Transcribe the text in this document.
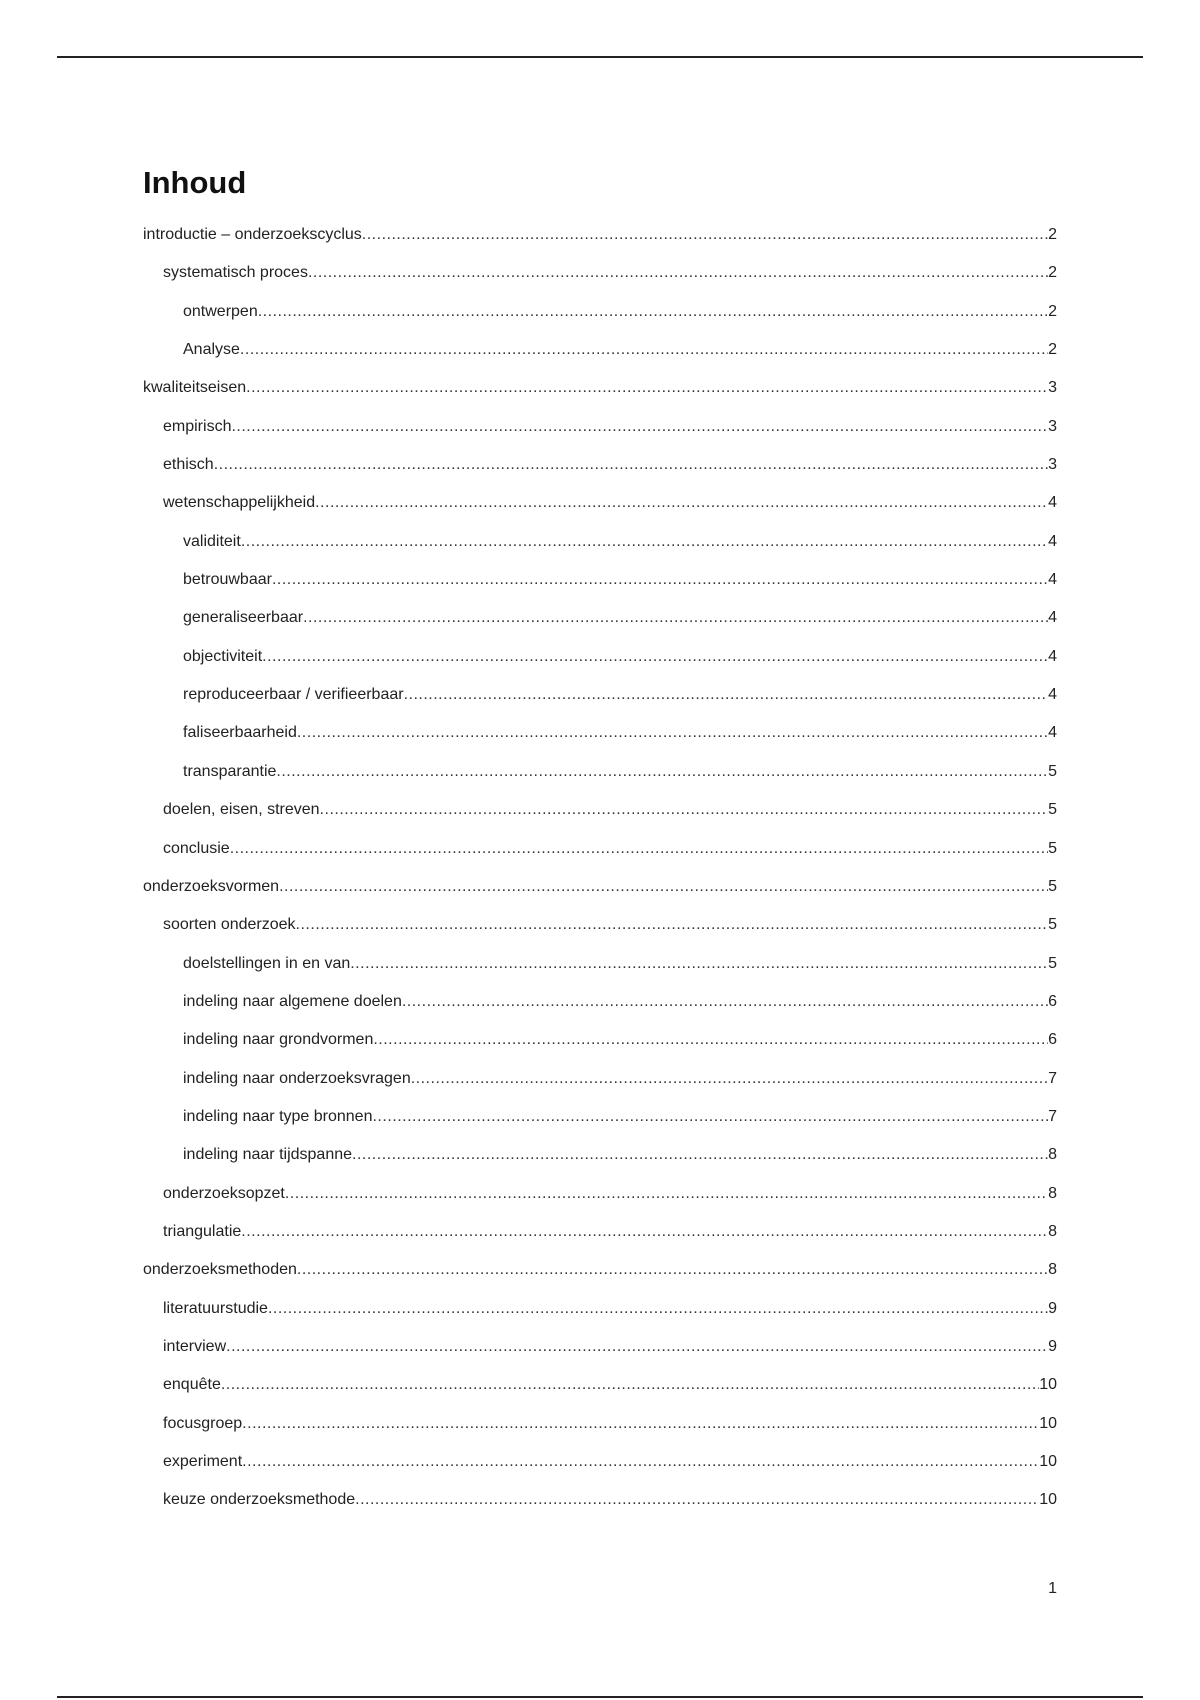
Inhoud
introductie – onderzoekscyclus .....	2
systematisch proces .....	2
ontwerpen .....	2
Analyse .....	2
kwaliteitseisen .....	3
empirisch .....	3
ethisch .....	3
wetenschappelijkheid .....	4
validiteit .....	4
betrouwbaar .....	4
generaliseerbaar .....	4
objectiviteit .....	4
reproduceerbaar / verifieerbaar .....	4
faliseerbaarheid .....	4
transparantie .....	5
doelen, eisen, streven .....	5
conclusie .....	5
onderzoeksvormen .....	5
soorten onderzoek .....	5
doelstellingen in en van .....	5
indeling naar algemene doelen .....	6
indeling naar grondvormen .....	6
indeling naar onderzoeksvragen .....	7
indeling naar type bronnen .....	7
indeling naar tijdspanne .....	8
onderzoeksopzet .....	8
triangulatie .....	8
onderzoeksmethoden .....	8
literatuurstudie .....	9
interview .....	9
enquête .....	10
focusgroep .....	10
experiment .....	10
keuze onderzoeksmethode .....	10
1
